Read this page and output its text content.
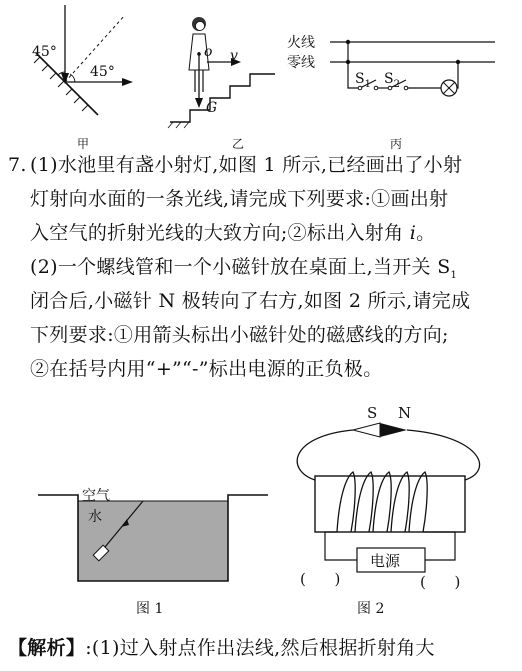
45°
45°
o v
G
火线
零线
$S_1$ $S_2$
甲	乙	丙
7. (1)水池里有盏小射灯,如图 1 所示,已经画出了小射
灯射向水面的一条光线,请完成下列要求:①画出射
入空气的折射光线的大致方向;②标出入射角 i。
(2)一个螺线管和一个小磁针放在桌面上,当开关 $S_1$
闭合后,小磁针 N 极转向了右方,如图 2 所示,请完成
下列要求:①用箭头标出小磁针处的磁感线的方向;
②在括号内用“+”“-”标出电源的正负极。
空气
水
图 1
S N
电源
(      )	(      )
图 2
【解析】:(1)过入射点作出法线,然后根据折射角大
